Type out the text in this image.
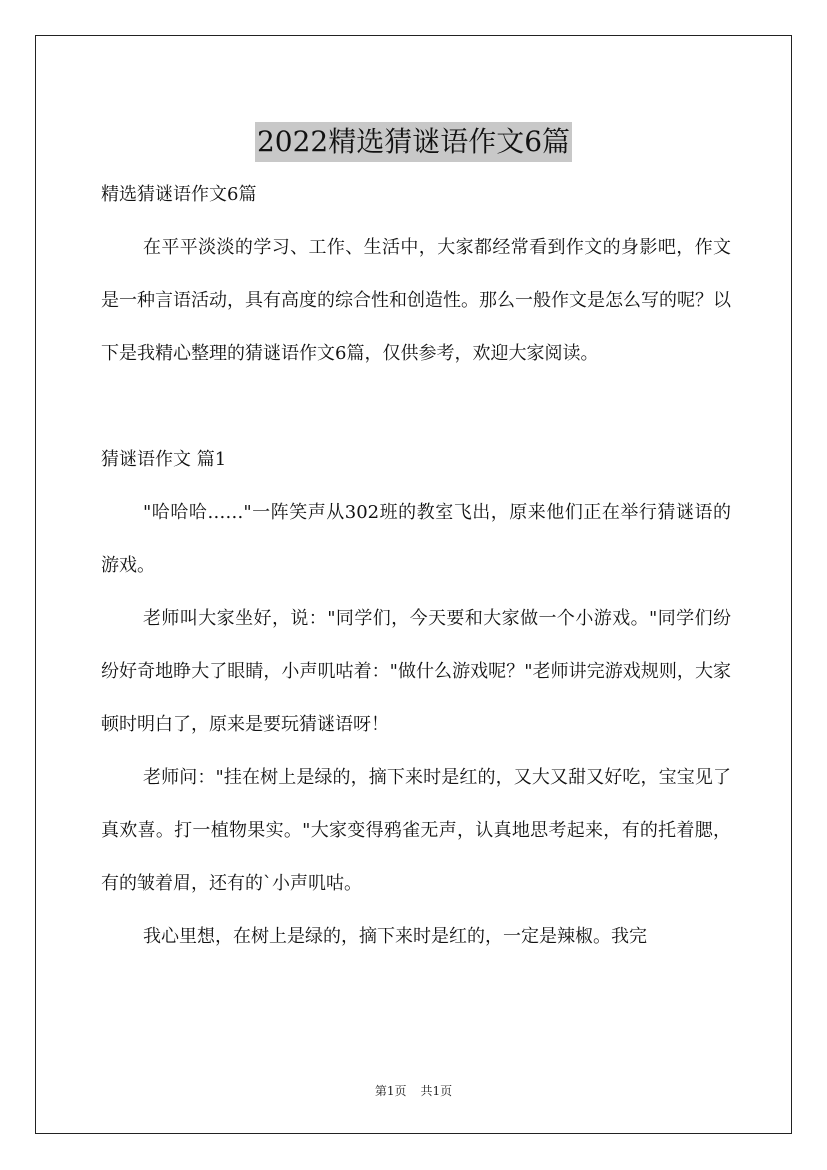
2022精选猜谜语作文6篇

精选猜谜语作文6篇

在平平淡淡的学习、工作、生活中，大家都经常看到作文的身影吧，作文是一种言语活动，具有高度的综合性和创造性。那么一般作文是怎么写的呢？以下是我精心整理的猜谜语作文6篇，仅供参考，欢迎大家阅读。

猜谜语作文 篇1

"哈哈哈……"一阵笑声从302班的教室飞出，原来他们正在举行猜谜语的游戏。

老师叫大家坐好，说："同学们，今天要和大家做一个小游戏。"同学们纷纷好奇地睁大了眼睛，小声叽咕着："做什么游戏呢？"老师讲完游戏规则，大家顿时明白了，原来是要玩猜谜语呀！

老师问："挂在树上是绿的，摘下来时是红的，又大又甜又好吃，宝宝见了真欢喜。打一植物果实。"大家变得鸦雀无声，认真地思考起来，有的托着腮，有的皱着眉，还有的`小声叽咕。

我心里想，在树上是绿的，摘下来时是红的，一定是辣椒。我完

第1页 共1页
